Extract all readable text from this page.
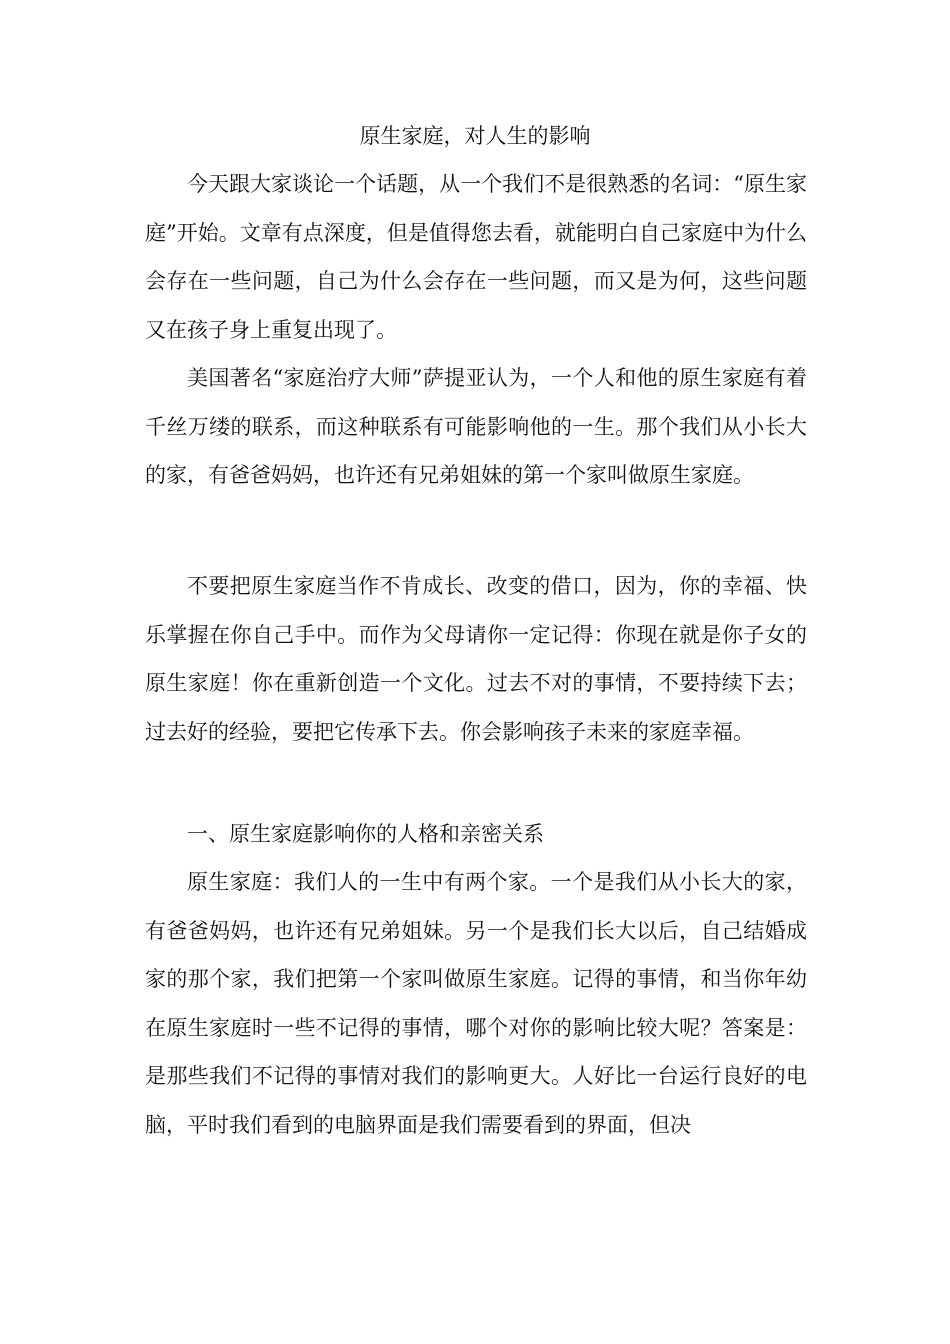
原生家庭，对人生的影响

今天跟大家谈论一个话题，从一个我们不是很熟悉的名词：“原生家庭”开始。文章有点深度，但是值得您去看，就能明白自己家庭中为什么会存在一些问题，自己为什么会存在一些问题，而又是为何，这些问题又在孩子身上重复出现了。

美国著名“家庭治疗大师”萨提亚认为，一个人和他的原生家庭有着千丝万缕的联系，而这种联系有可能影响他的一生。那个我们从小长大的家，有爸爸妈妈，也许还有兄弟姐妹的第一个家叫做原生家庭。

不要把原生家庭当作不肯成长、改变的借口，因为，你的幸福、快乐掌握在你自己手中。而作为父母请你一定记得：你现在就是你子女的原生家庭！你在重新创造一个文化。过去不对的事情，不要持续下去；过去好的经验，要把它传承下去。你会影响孩子未来的家庭幸福。

一、原生家庭影响你的人格和亲密关系

原生家庭：我们人的一生中有两个家。一个是我们从小长大的家，有爸爸妈妈，也许还有兄弟姐妹。另一个是我们长大以后，自己结婚成家的那个家，我们把第一个家叫做原生家庭。记得的事情，和当你年幼在原生家庭时一些不记得的事情，哪个对你的影响比较大呢？答案是：是那些我们不记得的事情对我们的影响更大。人好比一台运行良好的电脑，平时我们看到的电脑界面是我们需要看到的界面，但决
